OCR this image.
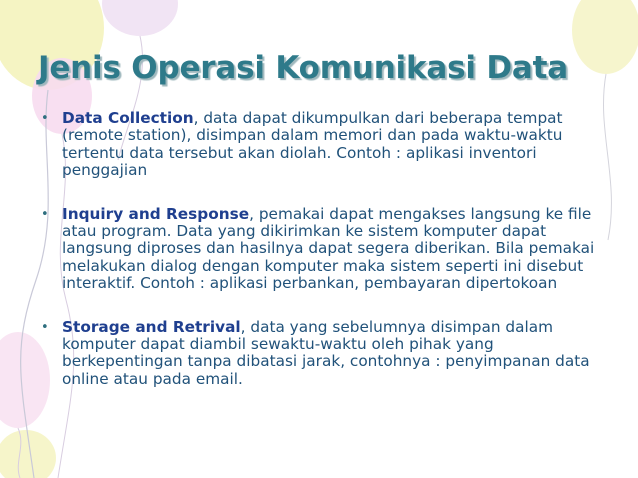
Jenis Operasi Komunikasi Data
• Data Collection, data dapat dikumpulkan dari beberapa tempat (remote station), disimpan dalam memori dan pada waktu-waktu tertentu data tersebut akan diolah. Contoh : aplikasi inventori penggajian
• Inquiry and Response, pemakai dapat mengakses langsung ke file atau program. Data yang dikirimkan ke sistem komputer dapat langsung diproses dan hasilnya dapat segera diberikan. Bila pemakai melakukan dialog dengan komputer maka sistem seperti ini disebut interaktif. Contoh : aplikasi perbankan, pembayaran dipertokoan
• Storage and Retrival, data yang sebelumnya disimpan dalam komputer dapat diambil sewaktu-waktu oleh pihak yang berkepentingan tanpa dibatasi jarak, contohnya : penyimpanan data online atau pada email.
